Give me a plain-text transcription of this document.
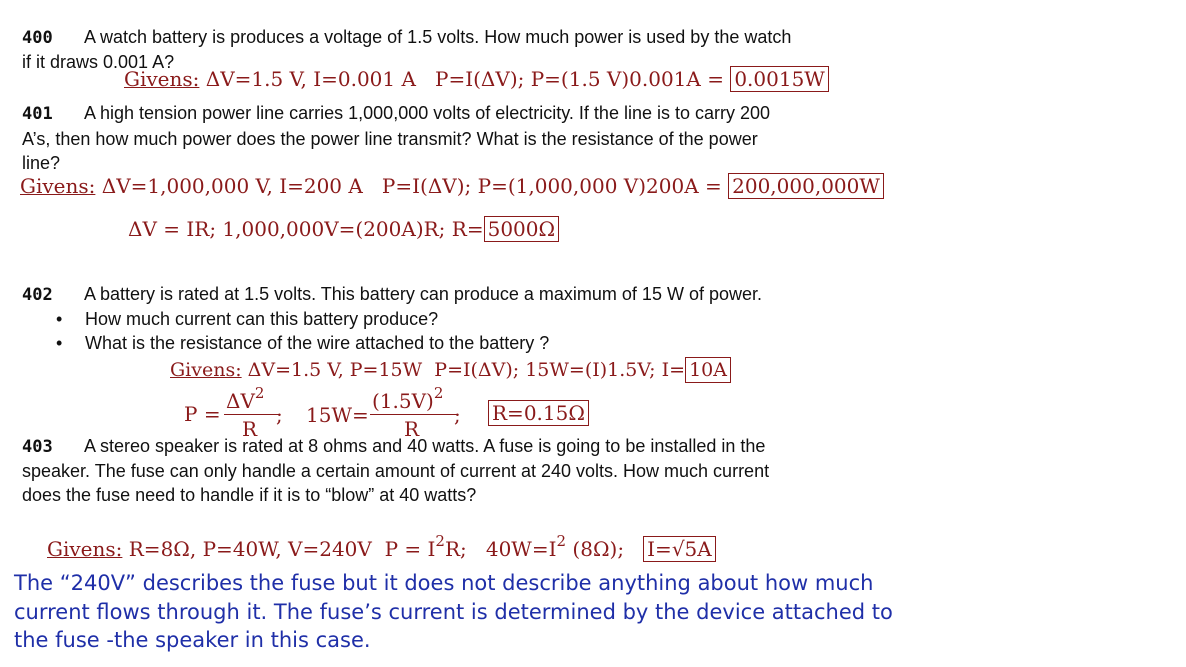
400 A watch battery is produces a voltage of 1.5 volts. How much power is used by the watch
if it draws 0.001 A?
Givens: ΔV=1.5 V, I=0.001 A P=I(ΔV); P=(1.5 V)0.001A = 0.0015W
401 A high tension power line carries 1,000,000 volts of electricity. If the line is to carry 200
A’s, then how much power does the power line transmit? What is the resistance of the power
line?
Givens: ΔV=1,000,000 V, I=200 A P=I(ΔV); P=(1,000,000 V)200A = 200,000,000W
ΔV = IR; 1,000,000V=(200A)R; R= 5000Ω
402 A battery is rated at 1.5 volts. This battery can produce a maximum of 15 W of power.
• How much current can this battery produce?
• What is the resistance of the wire attached to the battery ?
Givens: ΔV=1.5 V, P=15W P=I(ΔV); 15W=(I)1.5V; I= 10A
P =
$\Delta V^2$
R
; 15W=
$(1.5V)^2$
R
; R=0.15Ω
403 A stereo speaker is rated at 8 ohms and 40 watts. A fuse is going to be installed in the
speaker. The fuse can only handle a certain amount of current at 240 volts. How much current
does the fuse need to handle if it is to “blow” at 40 watts?
Givens: R=8Ω, P=40W, V=240V $P = I^2R$; $40W=I^2$ (8Ω); I=√5A
The “240V” describes the fuse but it does not describe anything about how much current flows through it. The fuse’s current is determined by the device attached to the fuse -the speaker in this case.
